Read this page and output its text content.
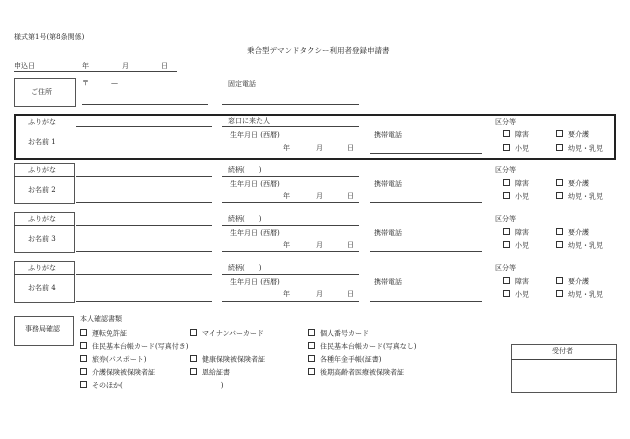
様式第1号(第8条関係)
乗合型デマンドタクシー利用者登録申請書
申込日	年	月	日
ご住所
〒	—	固定電話
ふりがな
お名前 1
窓口に来た人
生年月日 (西暦)
年	月	日
携帯電話
区分等
障害	要介護
小児	幼児・乳児
ふりがな
お名前 2
続柄(　　)
生年月日 (西暦)
年	月	日
携帯電話
区分等
障害	要介護
小児	幼児・乳児
ふりがな
お名前 3
続柄(　　)
生年月日 (西暦)
年	月	日
携帯電話
区分等
障害	要介護
小児	幼児・乳児
ふりがな
お名前 4
続柄(　　)
生年月日 (西暦)
年	月	日
携帯電話
区分等
障害	要介護
小児	幼児・乳児
事務局確認
本人確認書類
運転免許証	マイナンバーカード	個人番号カード
住民基本台帳カード(写真付き)	住民基本台帳カード(写真なし)
旅券(パスポート)	健康保険被保険者証	各種年金手帳(証書)
介護保険被保険者証	恩給証書	後期高齢者医療被保険者証
そのほか(　　　　　　　　　　　　　　)
受付者
